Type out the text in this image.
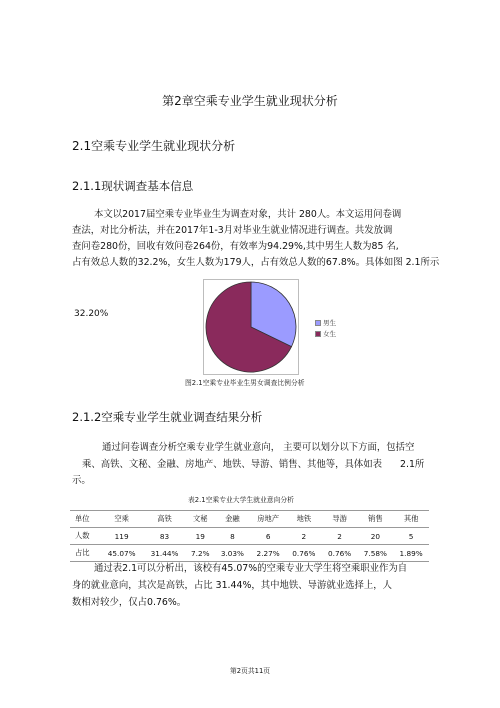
第2章空乘专业学生就业现状分析
2.1空乘专业学生就业现状分析
2.1.1现状调查基本信息
本文以2017届空乘专业毕业生为调查对象，共计 280人。本文运用问卷调
查法，对比分析法，并在2017年1-3月对毕业生就业情况进行调查。共发放调
查问卷280份，回收有效问卷264份，有效率为94.29%,其中男生人数为85 名,
占有效总人数的32.2%，女生人数为179人，占有效总人数的67.8%。具体如图 2.1所示
32.20%
男生
女生
图2.1空乘专业毕业生男女调查比例分析
2.1.2空乘专业学生就业调查结果分析
通过问卷调查分析空乘专业学生就业意向， 主要可以划分以下方面，包括空
乘、高铁、文秘、金融、房地产、地铁、导游、销售、其他等，具体如表 2.1所
示。
表2.1空乘专业大学生就业意向分析
单位	空乘	高铁	文秘	金融	房地产	地铁	导游	销售	其他
人数	119	83	19	8	6	2	2	20	5
占比	45.07%	31.44%	7.2%	3.03%	2.27%	0.76%	0.76%	7.58%	1.89%
通过表2.1可以分析出，该校有45.07%的空乘专业大学生将空乘职业作为自
身的就业意向，其次是高铁，占比 31.44%，其中地铁、导游就业选择上，人
数相对较少，仅占0.76%。
第2页共11页
